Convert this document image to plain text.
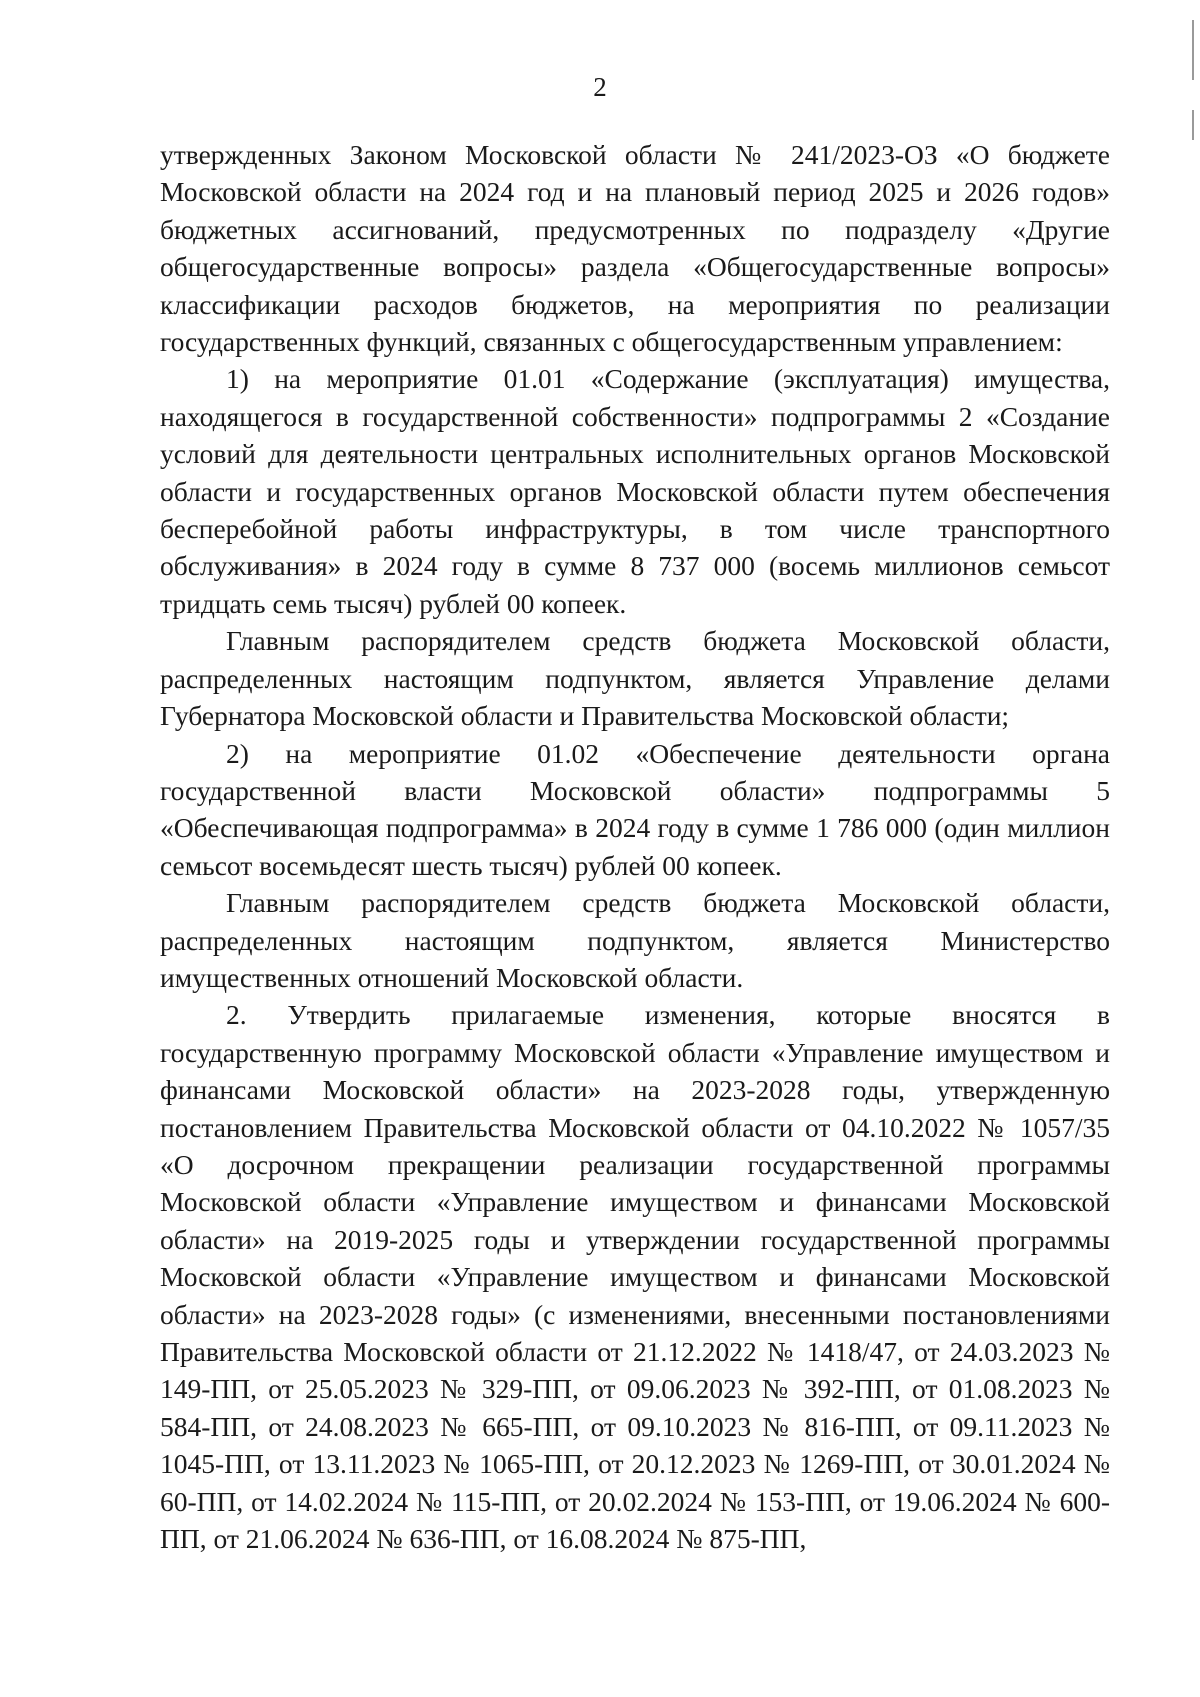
2

утвержденных Законом Московской области № 241/2023-ОЗ «О бюджете Московской области на 2024 год и на плановый период 2025 и 2026 годов» бюджетных ассигнований, предусмотренных по подразделу «Другие общегосударственные вопросы» раздела «Общегосударственные вопросы» классификации расходов бюджетов, на мероприятия по реализации государственных функций, связанных с общегосударственным управлением:

1) на мероприятие 01.01 «Содержание (эксплуатация) имущества, находящегося в государственной собственности» подпрограммы 2 «Создание условий для деятельности центральных исполнительных органов Московской области и государственных органов Московской области путем обеспечения бесперебойной работы инфраструктуры, в том числе транспортного обслуживания» в 2024 году в сумме 8 737 000 (восемь миллионов семьсот тридцать семь тысяч) рублей 00 копеек.

Главным распорядителем средств бюджета Московской области, распределенных настоящим подпунктом, является Управление делами Губернатора Московской области и Правительства Московской области;

2) на мероприятие 01.02 «Обеспечение деятельности органа государственной власти Московской области» подпрограммы 5 «Обеспечивающая подпрограмма» в 2024 году в сумме 1 786 000 (один миллион семьсот восемьдесят шесть тысяч) рублей 00 копеек.

Главным распорядителем средств бюджета Московской области, распределенных настоящим подпунктом, является Министерство имущественных отношений Московской области.

2. Утвердить прилагаемые изменения, которые вносятся в государственную программу Московской области «Управление имуществом и финансами Московской области» на 2023-2028 годы, утвержденную постановлением Правительства Московской области от 04.10.2022 № 1057/35 «О досрочном прекращении реализации государственной программы Московской области «Управление имуществом и финансами Московской области» на 2019-2025 годы и утверждении государственной программы Московской области «Управление имуществом и финансами Московской области» на 2023-2028 годы» (с изменениями, внесенными постановлениями Правительства Московской области от 21.12.2022 № 1418/47, от 24.03.2023 № 149-ПП, от 25.05.2023 № 329-ПП, от 09.06.2023 № 392-ПП, от 01.08.2023 № 584-ПП, от 24.08.2023 № 665-ПП, от 09.10.2023 № 816-ПП, от 09.11.2023 № 1045-ПП, от 13.11.2023 № 1065-ПП, от 20.12.2023 № 1269-ПП, от 30.01.2024 № 60-ПП, от 14.02.2024 № 115-ПП, от 20.02.2024 № 153-ПП, от 19.06.2024 № 600-ПП, от 21.06.2024 № 636-ПП, от 16.08.2024 № 875-ПП,
